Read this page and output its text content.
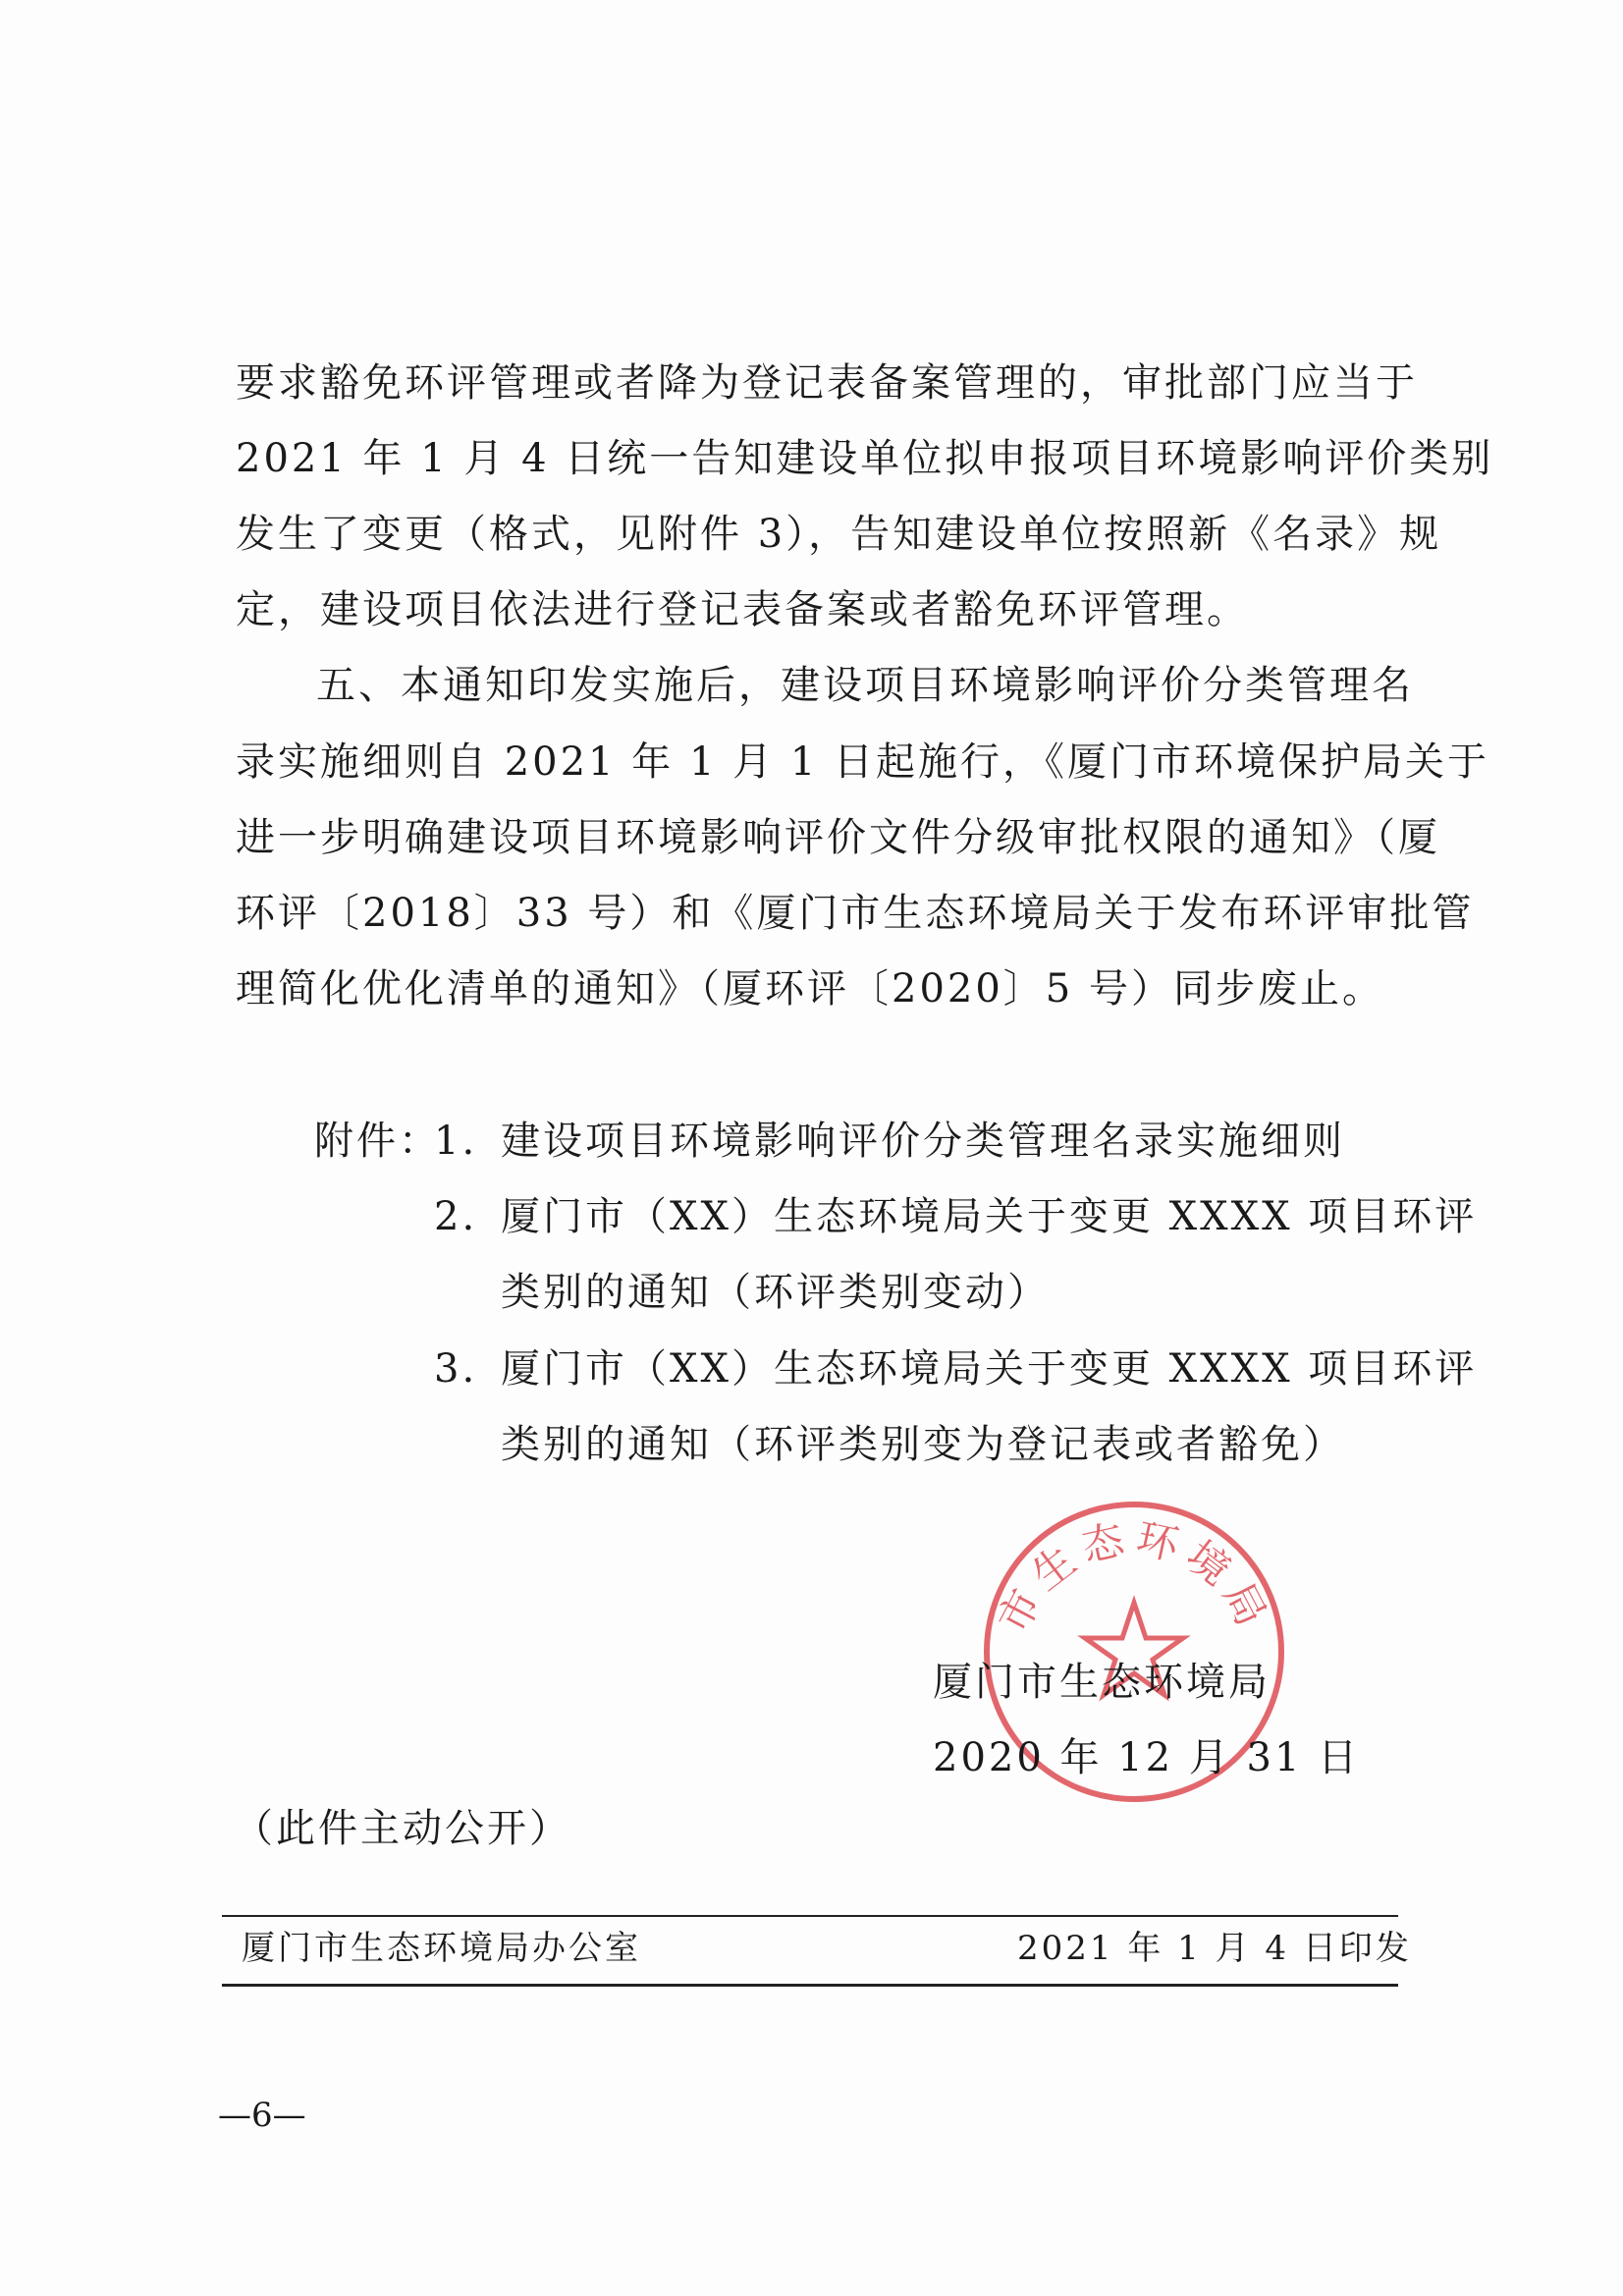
要求豁免环评管理或者降为登记表备案管理的，审批部门应当于
2021 年 1 月 4 日统一告知建设单位拟申报项目环境影响评价类别
发生了变更（格式，见附件 3），告知建设单位按照新《名录》规
定，建设项目依法进行登记表备案或者豁免环评管理。
五、本通知印发实施后，建设项目环境影响评价分类管理名
录实施细则自 2021 年 1 月 1 日起施行，《厦门市环境保护局关于
进一步明确建设项目环境影响评价文件分级审批权限的通知》（厦
环评〔2018〕33 号）和《厦门市生态环境局关于发布环评审批管
理简化优化清单的通知》（厦环评〔2020〕5 号）同步废止。
附件：
1. 建设项目环境影响评价分类管理名录实施细则
2. 厦门市（XX）生态环境局关于变更 XXXX 项目环评
类别的通知（环评类别变动）
3. 厦门市（XX）生态环境局关于变更 XXXX 项目环评
类别的通知（环评类别变为登记表或者豁免）
市生态环境局
厦门市生态环境局
2020 年 12 月 31 日
（此件主动公开）
厦门市生态环境局办公室	2021 年 1 月 4 日印发
—6—
